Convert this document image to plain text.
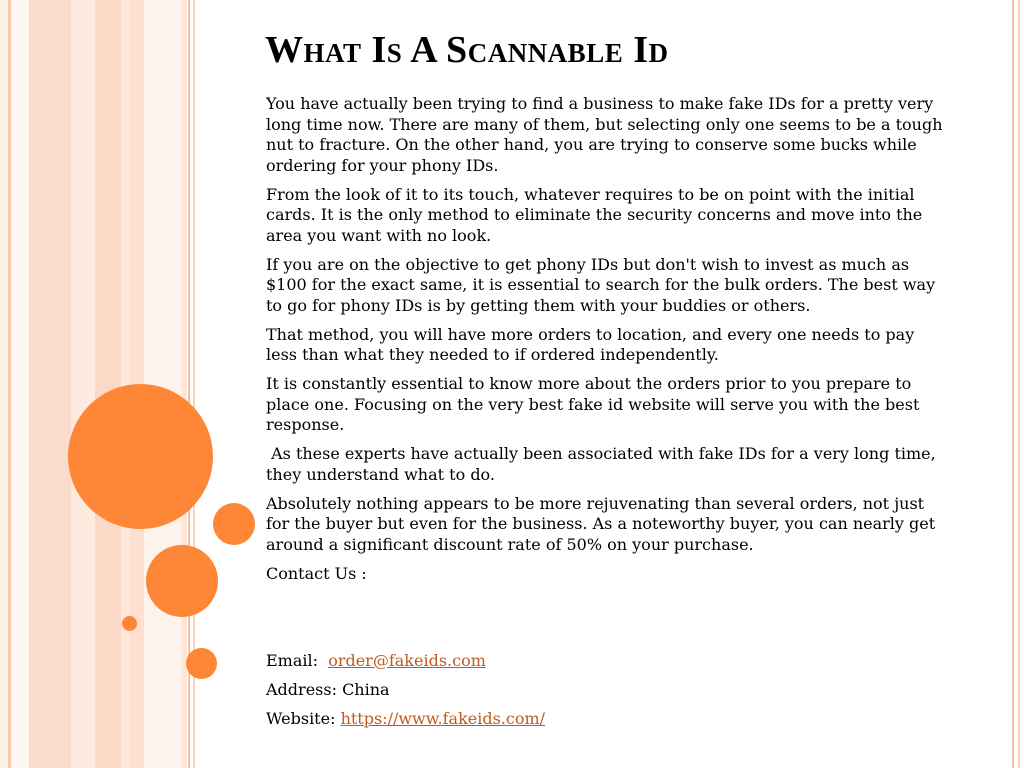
What Is A Scannable Id

You have actually been trying to find a business to make fake IDs for a pretty very long time now. There are many of them, but selecting only one seems to be a tough nut to fracture. On the other hand, you are trying to conserve some bucks while ordering for your phony IDs.

From the look of it to its touch, whatever requires to be on point with the initial cards. It is the only method to eliminate the security concerns and move into the area you want with no look.

If you are on the objective to get phony IDs but don't wish to invest as much as $100 for the exact same, it is essential to search for the bulk orders. The best way to go for phony IDs is by getting them with your buddies or others.

That method, you will have more orders to location, and every one needs to pay less than what they needed to if ordered independently.

It is constantly essential to know more about the orders prior to you prepare to place one. Focusing on the very best fake id website will serve you with the best response.

As these experts have actually been associated with fake IDs for a very long time, they understand what to do.

Absolutely nothing appears to be more rejuvenating than several orders, not just for the buyer but even for the business. As a noteworthy buyer, you can nearly get around a significant discount rate of 50% on your purchase.

Contact Us :

Email:  order@fakeids.com

Address: China

Website: https://www.fakeids.com/
